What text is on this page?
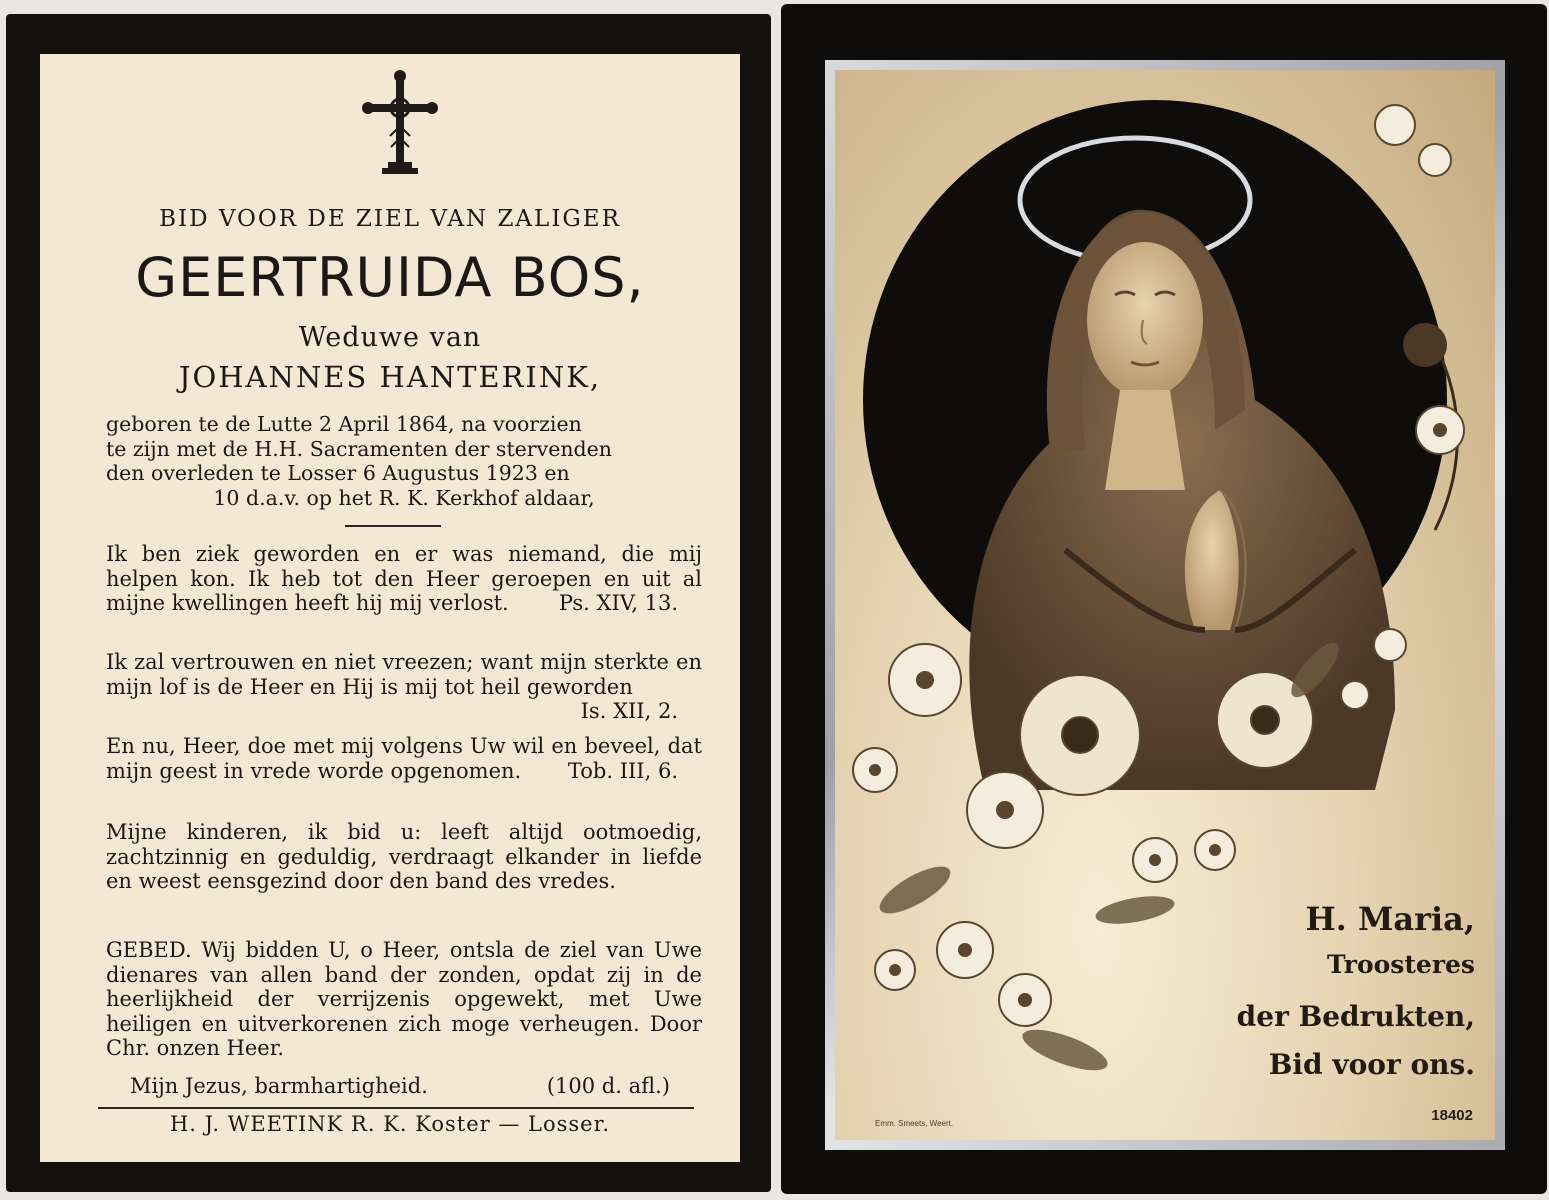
BID VOOR DE ZIEL VAN ZALIGER
GEERTRUIDA BOS,
Weduwe van
JOHANNES HANTERINK,
geboren te de Lutte 2 April 1864, na voorzien
te zijn met de H.H. Sacramenten der stervenden
den overleden te Losser 6 Augustus 1923 en
10 d.a.v. op het R. K. Kerkhof aldaar,
Ik ben ziek geworden en er was niemand, die mij helpen kon. Ik heb tot den Heer geroepen en uit al mijne kwellingen heeft hij mij verlost. Ps. XIV, 13.
Ik zal vertrouwen en niet vreezen; want mijn sterkte en mijn lof is de Heer en Hij is mij tot heil geworden
Is. XII, 2.
En nu, Heer, doe met mij volgens Uw wil en beveel, dat mijn geest in vrede worde opgenomen. Tob. III, 6.
Mijne kinderen, ik bid u: leeft altijd ootmoedig, zachtzinnig en geduldig, verdraagt elkander in liefde en weest eensgezind door den band des vredes.
GEBED. Wij bidden U, o Heer, ontsla de ziel van Uwe dienares van allen band der zonden, opdat zij in de heerlijkheid der verrijzenis opgewekt, met Uwe heiligen en uitverkorenen zich moge verheugen. Door Chr. onzen Heer.
Mijn Jezus, barmhartigheid.	(100 d. afl.)
H. J. WEETINK R. K. Koster — Losser.
H. Maria,
Troosteres
der Bedrukten,
Bid voor ons.
Emm. Smeets, Weert.	18402
